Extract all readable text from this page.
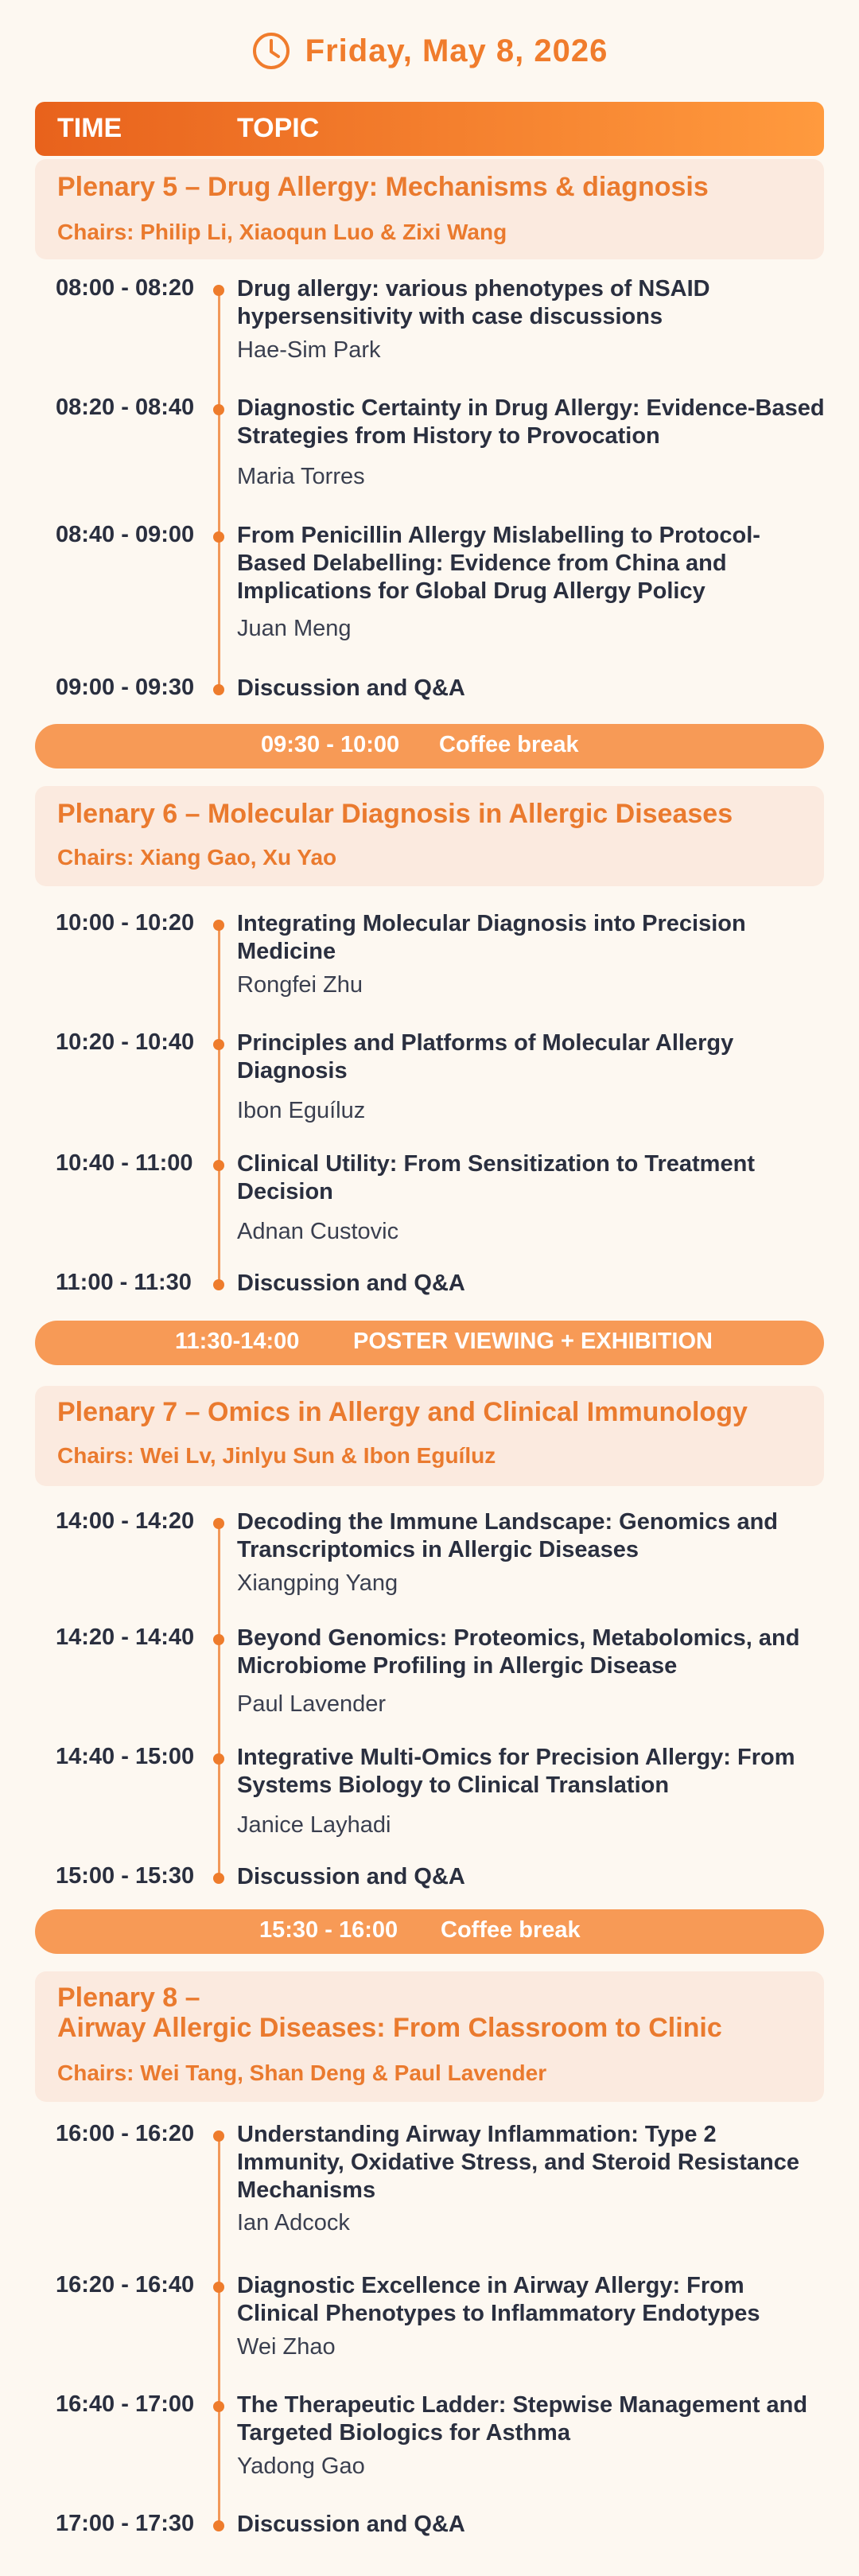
Friday, May 8, 2026
TIME	TOPIC
Plenary 5 – Drug Allergy: Mechanisms & diagnosis
Chairs: Philip Li, Xiaoqun Luo & Zixi Wang
08:00 - 08:20 Drug allergy: various phenotypes of NSAID hypersensitivity with case discussions
Hae-Sim Park
08:20 - 08:40 Diagnostic Certainty in Drug Allergy: Evidence-Based Strategies from History to Provocation
Maria Torres
08:40 - 09:00 From Penicillin Allergy Mislabelling to Protocol-Based Delabelling: Evidence from China and Implications for Global Drug Allergy Policy
Juan Meng
09:00 - 09:30 Discussion and Q&A
09:30 - 10:00 Coffee break
Plenary 6 – Molecular Diagnosis in Allergic Diseases
Chairs: Xiang Gao, Xu Yao
10:00 - 10:20 Integrating Molecular Diagnosis into Precision Medicine
Rongfei Zhu
10:20 - 10:40 Principles and Platforms of Molecular Allergy Diagnosis
Ibon Eguíluz
10:40 - 11:00 Clinical Utility: From Sensitization to Treatment Decision
Adnan Custovic
11:00 - 11:30 Discussion and Q&A
11:30-14:00 POSTER VIEWING + EXHIBITION
Plenary 7 – Omics in Allergy and Clinical Immunology
Chairs: Wei Lv, Jinlyu Sun & Ibon Eguíluz
14:00 - 14:20 Decoding the Immune Landscape: Genomics and Transcriptomics in Allergic Diseases
Xiangping Yang
14:20 - 14:40 Beyond Genomics: Proteomics, Metabolomics, and Microbiome Profiling in Allergic Disease
Paul Lavender
14:40 - 15:00 Integrative Multi-Omics for Precision Allergy: From Systems Biology to Clinical Translation
Janice Layhadi
15:00 - 15:30 Discussion and Q&A
15:30 - 16:00 Coffee break
Plenary 8 –
Airway Allergic Diseases: From Classroom to Clinic
Chairs: Wei Tang, Shan Deng & Paul Lavender
16:00 - 16:20 Understanding Airway Inflammation: Type 2 Immunity, Oxidative Stress, and Steroid Resistance Mechanisms
Ian Adcock
16:20 - 16:40 Diagnostic Excellence in Airway Allergy: From Clinical Phenotypes to Inflammatory Endotypes
Wei Zhao
16:40 - 17:00 The Therapeutic Ladder: Stepwise Management and Targeted Biologics for Asthma
Yadong Gao
17:00 - 17:30 Discussion and Q&A
